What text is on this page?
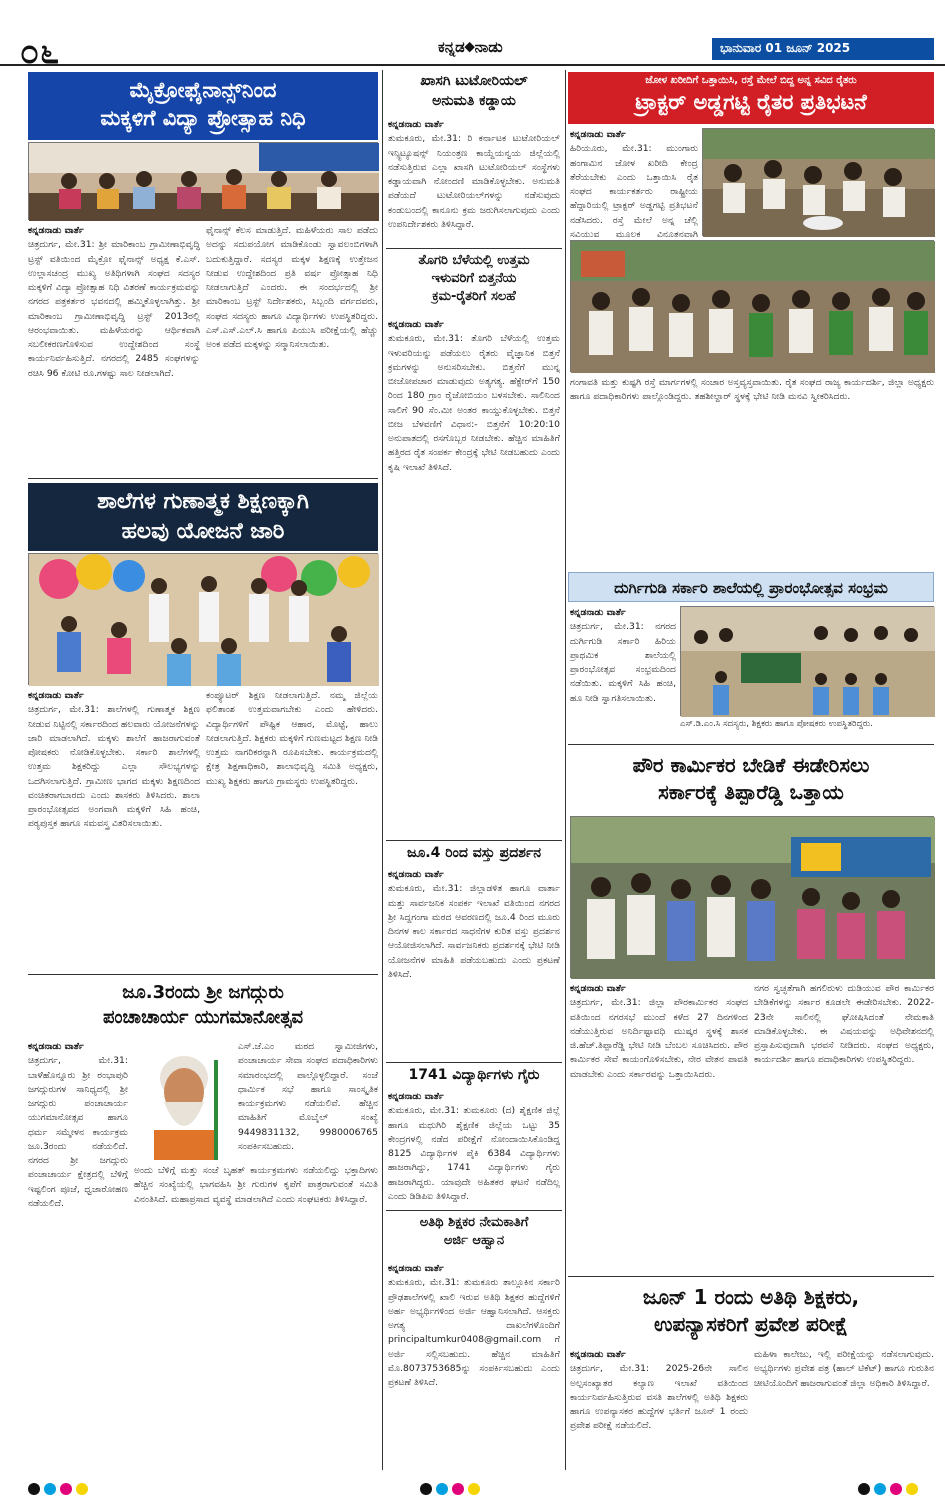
೦೬	ಕನ್ನಡ⬥ನಾಡು	ಭಾನುವಾರ 01 ಜೂನ್ 2025
ಮೈಕ್ರೋಫೈನಾನ್ಸ್‌ನಿಂದ
ಮಕ್ಕಳಿಗೆ ವಿದ್ಯಾ ಪ್ರೋತ್ಸಾಹ ನಿಧಿ
ಕನ್ನಡನಾಡು ವಾರ್ತೆ
ಚಿತ್ರದುರ್ಗ, ಮೇ.31: ಶ್ರೀ ಮಾರಿಕಾಂಬ ಗ್ರಾಮೀಣಾಭಿವೃದ್ಧಿ ಟ್ರಸ್ಟ್ ವತಿಯಿಂದ ಮೈಕ್ರೋ ಫೈನಾನ್ಸ್ ಅಧ್ಯಕ್ಷ ಕೆ.ಎಸ್. ಉಲ್ಲಾಸಚಂದ್ರ ಮುಖ್ಯ ಅತಿಥಿಗಳಾಗಿ ಸಂಘದ ಸದಸ್ಯರ ಮಕ್ಕಳಿಗೆ ವಿದ್ಯಾ ಪ್ರೋತ್ಸಾಹ ನಿಧಿ ವಿತರಣೆ ಕಾರ್ಯಕ್ರಮವನ್ನು ನಗರದ ಪತ್ರಕರ್ತರ ಭವನದಲ್ಲಿ ಹಮ್ಮಿಕೊಳ್ಳಲಾಗಿತ್ತು. ಶ್ರೀ ಮಾರಿಕಾಂಬ ಗ್ರಾಮೀಣಾಭಿವೃದ್ಧಿ ಟ್ರಸ್ಟ್ 2013ರಲ್ಲಿ ಆರಂಭವಾಯಿತು. ಮಹಿಳೆಯರನ್ನು ಆರ್ಥಿಕವಾಗಿ ಸಬಲೀಕರಣಗೊಳಿಸುವ ಉದ್ದೇಶದಿಂದ ಸಂಸ್ಥೆ ಕಾರ್ಯನಿರ್ವಹಿಸುತ್ತಿದೆ. ನಗರದಲ್ಲಿ 2485 ಸಂಘಗಳನ್ನು ರಚಿಸಿ 96 ಕೋಟಿ ರೂ.ಗಳಷ್ಟು ಸಾಲ ನೀಡಲಾಗಿದೆ.
ಫೈನಾನ್ಸ್ ಕೆಲಸ ಮಾಡುತ್ತಿದೆ. ಮಹಿಳೆಯರು ಸಾಲ ಪಡೆದು ಅದನ್ನು ಸದುಪಯೋಗ ಮಾಡಿಕೊಂಡು ಸ್ವಾವಲಂಬಿಗಳಾಗಿ ಬದುಕುತ್ತಿದ್ದಾರೆ. ಸದಸ್ಯರ ಮಕ್ಕಳ ಶಿಕ್ಷಣಕ್ಕೆ ಉತ್ತೇಜನ ನೀಡುವ ಉದ್ದೇಶದಿಂದ ಪ್ರತಿ ವರ್ಷ ಪ್ರೋತ್ಸಾಹ ನಿಧಿ ನೀಡಲಾಗುತ್ತಿದೆ ಎಂದರು. ಈ ಸಂದರ್ಭದಲ್ಲಿ ಶ್ರೀ ಮಾರಿಕಾಂಬ ಟ್ರಸ್ಟ್ ನಿರ್ದೇಶಕರು, ಸಿಬ್ಬಂದಿ ವರ್ಗದವರು, ಸಂಘದ ಸದಸ್ಯರು ಹಾಗೂ ವಿದ್ಯಾರ್ಥಿಗಳು ಉಪಸ್ಥಿತರಿದ್ದರು. ಎಸ್.ಎಸ್.ಎಲ್.ಸಿ ಹಾಗೂ ಪಿಯುಸಿ ಪರೀಕ್ಷೆಯಲ್ಲಿ ಹೆಚ್ಚು ಅಂಕ ಪಡೆದ ಮಕ್ಕಳನ್ನು ಸನ್ಮಾನಿಸಲಾಯಿತು.
ಶಾಲೆಗಳ ಗುಣಾತ್ಮಕ ಶಿಕ್ಷಣಕ್ಕಾಗಿ
ಹಲವು ಯೋಜನೆ ಜಾರಿ
ಕನ್ನಡನಾಡು ವಾರ್ತೆ
ಚಿತ್ರದುರ್ಗ, ಮೇ.31: ಶಾಲೆಗಳಲ್ಲಿ ಗುಣಾತ್ಮಕ ಶಿಕ್ಷಣ ನೀಡುವ ನಿಟ್ಟಿನಲ್ಲಿ ಸರ್ಕಾರದಿಂದ ಹಲವಾರು ಯೋಜನೆಗಳನ್ನು ಜಾರಿ ಮಾಡಲಾಗಿದೆ. ಮಕ್ಕಳು ಶಾಲೆಗೆ ಹಾಜರಾಗುವಂತೆ ಪೋಷಕರು ನೋಡಿಕೊಳ್ಳಬೇಕು. ಸರ್ಕಾರಿ ಶಾಲೆಗಳಲ್ಲಿ ಉತ್ತಮ ಶಿಕ್ಷಕರಿದ್ದು ಎಲ್ಲಾ ಸೌಲಭ್ಯಗಳನ್ನು ಒದಗಿಸಲಾಗುತ್ತಿದೆ. ಗ್ರಾಮೀಣ ಭಾಗದ ಮಕ್ಕಳು ಶಿಕ್ಷಣದಿಂದ ವಂಚಿತರಾಗಬಾರದು ಎಂದು ಶಾಸಕರು ತಿಳಿಸಿದರು. ಶಾಲಾ ಪ್ರಾರಂಭೋತ್ಸವದ ಅಂಗವಾಗಿ ಮಕ್ಕಳಿಗೆ ಸಿಹಿ ಹಂಚಿ, ಪಠ್ಯಪುಸ್ತಕ ಹಾಗೂ ಸಮವಸ್ತ್ರ ವಿತರಿಸಲಾಯಿತು.
ಕಂಪ್ಯೂಟರ್ ಶಿಕ್ಷಣ ನೀಡಲಾಗುತ್ತಿದೆ. ನಮ್ಮ ಜಿಲ್ಲೆಯ ಫಲಿತಾಂಶ ಉತ್ತಮವಾಗಬೇಕು ಎಂದು ಹೇಳಿದರು. ವಿದ್ಯಾರ್ಥಿಗಳಿಗೆ ಪೌಷ್ಟಿಕ ಆಹಾರ, ಮೊಟ್ಟೆ, ಹಾಲು ನೀಡಲಾಗುತ್ತಿದೆ. ಶಿಕ್ಷಕರು ಮಕ್ಕಳಿಗೆ ಗುಣಮಟ್ಟದ ಶಿಕ್ಷಣ ನೀಡಿ ಉತ್ತಮ ನಾಗರಿಕರನ್ನಾಗಿ ರೂಪಿಸಬೇಕು. ಕಾರ್ಯಕ್ರಮದಲ್ಲಿ ಕ್ಷೇತ್ರ ಶಿಕ್ಷಣಾಧಿಕಾರಿ, ಶಾಲಾಭಿವೃದ್ಧಿ ಸಮಿತಿ ಅಧ್ಯಕ್ಷರು, ಮುಖ್ಯ ಶಿಕ್ಷಕರು ಹಾಗೂ ಗ್ರಾಮಸ್ಥರು ಉಪಸ್ಥಿತರಿದ್ದರು.
ಜೂ.3ರಂದು ಶ್ರೀ ಜಗದ್ಗುರು
ಪಂಚಾಚಾರ್ಯ ಯುಗಮಾನೋತ್ಸವ
ಕನ್ನಡನಾಡು ವಾರ್ತೆ
ಚಿತ್ರದುರ್ಗ, ಮೇ.31: ಬಾಳೆಹೊನ್ನೂರು ಶ್ರೀ ರಂಭಾಪುರಿ ಜಗದ್ಗುರುಗಳ ಸಾನಿಧ್ಯದಲ್ಲಿ ಶ್ರೀ ಜಗದ್ಗುರು ಪಂಚಾಚಾರ್ಯ ಯುಗಮಾನೋತ್ಸವ ಹಾಗೂ ಧರ್ಮ ಸಮ್ಮೇಳನ ಕಾರ್ಯಕ್ರಮ ಜೂ.3ರಂದು ನಡೆಯಲಿದೆ. ನಗರದ ಶ್ರೀ ಜಗದ್ಗುರು ಪಂಚಾಚಾರ್ಯ ಕ್ಷೇತ್ರದಲ್ಲಿ ಬೆಳಿಗ್ಗೆ ಇಷ್ಟಲಿಂಗ ಪೂಜೆ, ಧ್ವಜಾರೋಹಣ ನಡೆಯಲಿದೆ.
ಎಸ್.ಜೆ.ಎಂ ಮಠದ ಸ್ವಾಮೀಜಿಗಳು, ಪಂಚಾಚಾರ್ಯ ಸೇವಾ ಸಂಘದ ಪದಾಧಿಕಾರಿಗಳು ಸಮಾರಂಭದಲ್ಲಿ ಪಾಲ್ಗೊಳ್ಳಲಿದ್ದಾರೆ. ಸಂಜೆ ಧಾರ್ಮಿಕ ಸಭೆ ಹಾಗೂ ಸಾಂಸ್ಕೃತಿಕ ಕಾರ್ಯಕ್ರಮಗಳು ನಡೆಯಲಿವೆ. ಹೆಚ್ಚಿನ ಮಾಹಿತಿಗೆ ಮೊಬೈಲ್ ಸಂಖ್ಯೆ 9449831132, 9980006765 ಸಂಪರ್ಕಿಸಬಹುದು.
ಅಂದು ಬೆಳಿಗ್ಗೆ ಮತ್ತು ಸಂಜೆ ಬೃಹತ್ ಕಾರ್ಯಕ್ರಮಗಳು ನಡೆಯಲಿದ್ದು ಭಕ್ತಾದಿಗಳು ಹೆಚ್ಚಿನ ಸಂಖ್ಯೆಯಲ್ಲಿ ಭಾಗವಹಿಸಿ ಶ್ರೀ ಗುರುಗಳ ಕೃಪೆಗೆ ಪಾತ್ರರಾಗುವಂತೆ ಸಮಿತಿ ವಿನಂತಿಸಿದೆ. ಮಹಾಪ್ರಸಾದ ವ್ಯವಸ್ಥೆ ಮಾಡಲಾಗಿದೆ ಎಂದು ಸಂಘಟಕರು ತಿಳಿಸಿದ್ದಾರೆ.
ಖಾಸಗಿ ಟುಟೋರಿಯಲ್
ಅನುಮತಿ ಕಡ್ಡಾಯ
ಕನ್ನಡನಾಡು ವಾರ್ತೆ
ತುಮಕೂರು, ಮೇ.31: ರಿ ಕರ್ನಾಟಕ ಟುಟೋರಿಯಲ್ ಇನ್ಸ್ಟಿಟ್ಯೂಷನ್ಸ್ ನಿಯಂತ್ರಣ ಕಾಯ್ದೆಯನ್ವಯ ಜಿಲ್ಲೆಯಲ್ಲಿ ನಡೆಸುತ್ತಿರುವ ಎಲ್ಲಾ ಖಾಸಗಿ ಟುಟೋರಿಯಲ್ ಸಂಸ್ಥೆಗಳು ಕಡ್ಡಾಯವಾಗಿ ನೋಂದಣಿ ಮಾಡಿಕೊಳ್ಳಬೇಕು. ಅನುಮತಿ ಪಡೆಯದೆ ಟುಟೋರಿಯಲ್‌ಗಳನ್ನು ನಡೆಸುವುದು ಕಂಡುಬಂದಲ್ಲಿ ಕಾನೂನು ಕ್ರಮ ಜರುಗಿಸಲಾಗುವುದು ಎಂದು ಉಪನಿರ್ದೇಶಕರು ತಿಳಿಸಿದ್ದಾರೆ.
ತೊಗರಿ ಬೆಳೆಯಲ್ಲಿ ಉತ್ತಮ
ಇಳುವರಿಗೆ ಬಿತ್ತನೆಯ
ಕ್ರಮ-ರೈತರಿಗೆ ಸಲಹೆ
ಕನ್ನಡನಾಡು ವಾರ್ತೆ
ತುಮಕೂರು, ಮೇ.31: ತೊಗರಿ ಬೆಳೆಯಲ್ಲಿ ಉತ್ತಮ ಇಳುವರಿಯನ್ನು ಪಡೆಯಲು ರೈತರು ವೈಜ್ಞಾನಿಕ ಬಿತ್ತನೆ ಕ್ರಮಗಳನ್ನು ಅನುಸರಿಸಬೇಕು. ಬಿತ್ತನೆಗೆ ಮುನ್ನ ಬೀಜೋಪಚಾರ ಮಾಡುವುದು ಅತ್ಯಗತ್ಯ. ಹೆಕ್ಟೇರ್‌ಗೆ 150 ರಿಂದ 180 ಗ್ರಾಂ ರೈಜೋಬಿಯಂ ಬಳಸಬೇಕು. ಸಾಲಿನಿಂದ ಸಾಲಿಗೆ 90 ಸೆಂ.ಮೀ ಅಂತರ ಕಾಯ್ದುಕೊಳ್ಳಬೇಕು. ಬಿತ್ತನೆ ಬೀಜ ಬೆಳವಣಿಗೆ ವಿಧಾನ:- ಬಿತ್ತನೆಗೆ 10:20:10 ಅನುಪಾತದಲ್ಲಿ ರಸಗೊಬ್ಬರ ನೀಡಬೇಕು. ಹೆಚ್ಚಿನ ಮಾಹಿತಿಗೆ ಹತ್ತಿರದ ರೈತ ಸಂಪರ್ಕ ಕೇಂದ್ರಕ್ಕೆ ಭೇಟಿ ನೀಡಬಹುದು ಎಂದು ಕೃಷಿ ಇಲಾಖೆ ತಿಳಿಸಿದೆ.
ಜೂ.4 ರಿಂದ ವಸ್ತು ಪ್ರದರ್ಶನ
ಕನ್ನಡನಾಡು ವಾರ್ತೆ
ತುಮಕೂರು, ಮೇ.31: ಜಿಲ್ಲಾಡಳಿತ ಹಾಗೂ ವಾರ್ತಾ ಮತ್ತು ಸಾರ್ವಜನಿಕ ಸಂಪರ್ಕ ಇಲಾಖೆ ವತಿಯಿಂದ ನಗರದ ಶ್ರೀ ಸಿದ್ದಗಂಗಾ ಮಠದ ಆವರಣದಲ್ಲಿ ಜೂ.4 ರಿಂದ ಮೂರು ದಿನಗಳ ಕಾಲ ಸರ್ಕಾರದ ಸಾಧನೆಗಳ ಕುರಿತ ವಸ್ತು ಪ್ರದರ್ಶನ ಆಯೋಜಿಸಲಾಗಿದೆ. ಸಾರ್ವಜನಿಕರು ಪ್ರದರ್ಶನಕ್ಕೆ ಭೇಟಿ ನೀಡಿ ಯೋಜನೆಗಳ ಮಾಹಿತಿ ಪಡೆಯಬಹುದು ಎಂದು ಪ್ರಕಟಣೆ ತಿಳಿಸಿದೆ.
1741 ವಿದ್ಯಾರ್ಥಿಗಳು ಗೈರು
ಕನ್ನಡನಾಡು ವಾರ್ತೆ
ತುಮಕೂರು, ಮೇ.31: ತುಮಕೂರು (ದ) ಶೈಕ್ಷಣಿಕ ಜಿಲ್ಲೆ ಹಾಗೂ ಮಧುಗಿರಿ ಶೈಕ್ಷಣಿಕ ಜಿಲ್ಲೆಯ ಒಟ್ಟು 35 ಕೇಂದ್ರಗಳಲ್ಲಿ ನಡೆದ ಪರೀಕ್ಷೆಗೆ ನೋಂದಾಯಿಸಿಕೊಂಡಿದ್ದ 8125 ವಿದ್ಯಾರ್ಥಿಗಳ ಪೈಕಿ 6384 ವಿದ್ಯಾರ್ಥಿಗಳು ಹಾಜರಾಗಿದ್ದು, 1741 ವಿದ್ಯಾರ್ಥಿಗಳು ಗೈರು ಹಾಜರಾಗಿದ್ದರು. ಯಾವುದೇ ಅಹಿತಕರ ಘಟನೆ ನಡೆದಿಲ್ಲ ಎಂದು ಡಿಡಿಪಿಐ ತಿಳಿಸಿದ್ದಾರೆ.
ಅತಿಥಿ ಶಿಕ್ಷಕರ ನೇಮಕಾತಿಗೆ
ಅರ್ಜಿ ಆಹ್ವಾನ
ಕನ್ನಡನಾಡು ವಾರ್ತೆ
ತುಮಕೂರು, ಮೇ.31: ತುಮಕೂರು ತಾಲ್ಲೂಕಿನ ಸರ್ಕಾರಿ ಪ್ರೌಢಶಾಲೆಗಳಲ್ಲಿ ಖಾಲಿ ಇರುವ ಅತಿಥಿ ಶಿಕ್ಷಕರ ಹುದ್ದೆಗಳಿಗೆ ಅರ್ಹ ಅಭ್ಯರ್ಥಿಗಳಿಂದ ಅರ್ಜಿ ಆಹ್ವಾನಿಸಲಾಗಿದೆ. ಆಸಕ್ತರು ಅಗತ್ಯ ದಾಖಲೆಗಳೊಂದಿಗೆ principaltumkur0408@gmail.com ಗೆ ಅರ್ಜಿ ಸಲ್ಲಿಸಬಹುದು. ಹೆಚ್ಚಿನ ಮಾಹಿತಿಗೆ ಮೊ.8073753685ನ್ನು ಸಂಪರ್ಕಿಸಬಹುದು ಎಂದು ಪ್ರಕಟಣೆ ತಿಳಿಸಿದೆ.
ಜೋಳ ಖರೀದಿಗೆ ಒತ್ತಾಯಿಸಿ, ರಸ್ತೆ ಮೇಲೆ ಬಿದ್ದ ಅನ್ನ ಸವಿದ ರೈತರು
ಟ್ರಾಕ್ಟರ್ ಅಡ್ಡಗಟ್ಟಿ ರೈತರ ಪ್ರತಿಭಟನೆ
ಕನ್ನಡನಾಡು ವಾರ್ತೆ
ಹಿರಿಯೂರು, ಮೇ.31: ಮುಂಗಾರು ಹಂಗಾಮಿನ ಜೋಳ ಖರೀದಿ ಕೇಂದ್ರ ತೆರೆಯಬೇಕು ಎಂದು ಒತ್ತಾಯಿಸಿ ರೈತ ಸಂಘದ ಕಾರ್ಯಕರ್ತರು ರಾಷ್ಟ್ರೀಯ ಹೆದ್ದಾರಿಯಲ್ಲಿ ಟ್ರಾಕ್ಟರ್ ಅಡ್ಡಗಟ್ಟಿ ಪ್ರತಿಭಟನೆ ನಡೆಸಿದರು. ರಸ್ತೆ ಮೇಲೆ ಅನ್ನ ಚೆಲ್ಲಿ ಸವಿಯುವ ಮೂಲಕ ವಿನೂತನವಾಗಿ
ಗಂಗಾವತಿ ಮತ್ತು ಕುಷ್ಟಗಿ ರಸ್ತೆ ಮಾರ್ಗಗಳಲ್ಲಿ ಸಂಚಾರ ಅಸ್ತವ್ಯಸ್ತವಾಯಿತು. ರೈತ ಸಂಘದ ರಾಜ್ಯ ಕಾರ್ಯದರ್ಶಿ, ಜಿಲ್ಲಾ ಅಧ್ಯಕ್ಷರು ಹಾಗೂ ಪದಾಧಿಕಾರಿಗಳು ಪಾಲ್ಗೊಂಡಿದ್ದರು. ತಹಶೀಲ್ದಾರ್ ಸ್ಥಳಕ್ಕೆ ಭೇಟಿ ನೀಡಿ ಮನವಿ ಸ್ವೀಕರಿಸಿದರು.
ದುರ್ಗಿಗುಡಿ ಸರ್ಕಾರಿ ಶಾಲೆಯಲ್ಲಿ ಪ್ರಾರಂಭೋತ್ಸವ ಸಂಭ್ರಮ
ಕನ್ನಡನಾಡು ವಾರ್ತೆ
ಚಿತ್ರದುರ್ಗ, ಮೇ.31: ನಗರದ ದುರ್ಗಿಗುಡಿ ಸರ್ಕಾರಿ ಹಿರಿಯ ಪ್ರಾಥಮಿಕ ಶಾಲೆಯಲ್ಲಿ ಪ್ರಾರಂಭೋತ್ಸವ ಸಂಭ್ರಮದಿಂದ ನಡೆಯಿತು. ಮಕ್ಕಳಿಗೆ ಸಿಹಿ ಹಂಚಿ, ಹೂ ನೀಡಿ ಸ್ವಾಗತಿಸಲಾಯಿತು.
ಎಸ್.ಡಿ.ಎಂ.ಸಿ ಸದಸ್ಯರು, ಶಿಕ್ಷಕರು ಹಾಗೂ ಪೋಷಕರು ಉಪಸ್ಥಿತರಿದ್ದರು.
ಪೌರ ಕಾರ್ಮಿಕರ ಬೇಡಿಕೆ ಈಡೇರಿಸಲು
ಸರ್ಕಾರಕ್ಕೆ ತಿಪ್ಪಾರೆಡ್ಡಿ ಒತ್ತಾಯ
ಕನ್ನಡನಾಡು ವಾರ್ತೆ
ಚಿತ್ರದುರ್ಗ, ಮೇ.31: ಜಿಲ್ಲಾ ಪೌರಕಾರ್ಮಿಕರ ಸಂಘದ ವತಿಯಿಂದ ನಗರಸಭೆ ಮುಂದೆ ಕಳೆದ 27 ದಿನಗಳಿಂದ ನಡೆಯುತ್ತಿರುವ ಅನಿರ್ದಿಷ್ಟಾವಧಿ ಮುಷ್ಕರ ಸ್ಥಳಕ್ಕೆ ಶಾಸಕ ಜಿ.ಹೆಚ್.ತಿಪ್ಪಾರೆಡ್ಡಿ ಭೇಟಿ ನೀಡಿ ಬೆಂಬಲ ಸೂಚಿಸಿದರು. ಪೌರ ಕಾರ್ಮಿಕರ ಸೇವೆ ಕಾಯಂಗೊಳಿಸಬೇಕು, ನೇರ ವೇತನ ಪಾವತಿ ಮಾಡಬೇಕು ಎಂದು ಸರ್ಕಾರವನ್ನು ಒತ್ತಾಯಿಸಿದರು.
ನಗರ ಸ್ವಚ್ಛತೆಗಾಗಿ ಹಗಲಿರುಳು ದುಡಿಯುವ ಪೌರ ಕಾರ್ಮಿಕರ ಬೇಡಿಕೆಗಳನ್ನು ಸರ್ಕಾರ ಕೂಡಲೇ ಈಡೇರಿಸಬೇಕು. 2022-23ನೇ ಸಾಲಿನಲ್ಲಿ ಘೋಷಿಸಿದಂತೆ ನೇಮಕಾತಿ ಮಾಡಿಕೊಳ್ಳಬೇಕು. ಈ ವಿಷಯವನ್ನು ಅಧಿವೇಶನದಲ್ಲಿ ಪ್ರಸ್ತಾಪಿಸುವುದಾಗಿ ಭರವಸೆ ನೀಡಿದರು. ಸಂಘದ ಅಧ್ಯಕ್ಷರು, ಕಾರ್ಯದರ್ಶಿ ಹಾಗೂ ಪದಾಧಿಕಾರಿಗಳು ಉಪಸ್ಥಿತರಿದ್ದರು.
ಜೂನ್ 1 ರಂದು ಅತಿಥಿ ಶಿಕ್ಷಕರು,
ಉಪನ್ಯಾಸಕರಿಗೆ ಪ್ರವೇಶ ಪರೀಕ್ಷೆ
ಕನ್ನಡನಾಡು ವಾರ್ತೆ
ಚಿತ್ರದುರ್ಗ, ಮೇ.31: 2025-26ನೇ ಸಾಲಿನ ಅಲ್ಪಸಂಖ್ಯಾತರ ಕಲ್ಯಾಣ ಇಲಾಖೆ ವತಿಯಿಂದ ಕಾರ್ಯನಿರ್ವಹಿಸುತ್ತಿರುವ ವಸತಿ ಶಾಲೆಗಳಲ್ಲಿ ಅತಿಥಿ ಶಿಕ್ಷಕರು ಹಾಗೂ ಉಪನ್ಯಾಸಕರ ಹುದ್ದೆಗಳ ಭರ್ತಿಗೆ ಜೂನ್ 1 ರಂದು ಪ್ರವೇಶ ಪರೀಕ್ಷೆ ನಡೆಯಲಿದೆ.
ಮಹಿಳಾ ಕಾಲೇಜು, ಇಲ್ಲಿ ಪರೀಕ್ಷೆಯನ್ನು ನಡೆಸಲಾಗುವುದು. ಅಭ್ಯರ್ಥಿಗಳು ಪ್ರವೇಶ ಪತ್ರ (ಹಾಲ್ ಟಿಕೆಟ್) ಹಾಗೂ ಗುರುತಿನ ಚೀಟಿಯೊಂದಿಗೆ ಹಾಜರಾಗುವಂತೆ ಜಿಲ್ಲಾ ಅಧಿಕಾರಿ ತಿಳಿಸಿದ್ದಾರೆ.
